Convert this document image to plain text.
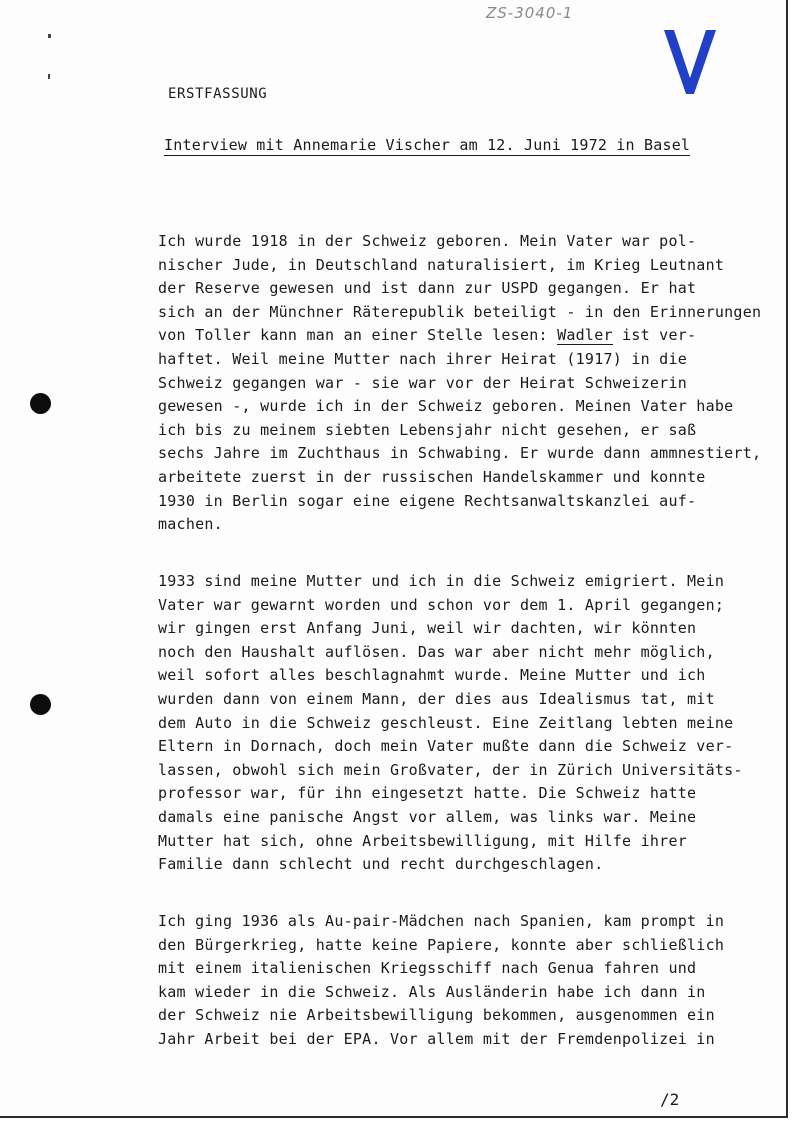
ZS-3040-1
ERSTFASSUNG
Interview mit Annemarie Vischer am 12. Juni 1972 in Basel
Ich wurde 1918 in der Schweiz geboren. Mein Vater war pol-
nischer Jude, in Deutschland naturalisiert, im Krieg Leutnant
der Reserve gewesen und ist dann zur USPD gegangen. Er hat
sich an der Münchner Räterepublik beteiligt - in den Erinnerungen
von Toller kann man an einer Stelle lesen: Wadler ist ver-
haftet. Weil meine Mutter nach ihrer Heirat (1917) in die
Schweiz gegangen war - sie war vor der Heirat Schweizerin
gewesen -, wurde ich in der Schweiz geboren. Meinen Vater habe
ich bis zu meinem siebten Lebensjahr nicht gesehen, er saß
sechs Jahre im Zuchthaus in Schwabing. Er wurde dann ammnestiert,
arbeitete zuerst in der russischen Handelskammer und konnte
1930 in Berlin sogar eine eigene Rechtsanwaltskanzlei auf-
machen.
1933 sind meine Mutter und ich in die Schweiz emigriert. Mein
Vater war gewarnt worden und schon vor dem 1. April gegangen;
wir gingen erst Anfang Juni, weil wir dachten, wir könnten
noch den Haushalt auflösen. Das war aber nicht mehr möglich,
weil sofort alles beschlagnahmt wurde. Meine Mutter und ich
wurden dann von einem Mann, der dies aus Idealismus tat, mit
dem Auto in die Schweiz geschleust. Eine Zeitlang lebten meine
Eltern in Dornach, doch mein Vater mußte dann die Schweiz ver-
lassen, obwohl sich mein Großvater, der in Zürich Universitäts-
professor war, für ihn eingesetzt hatte. Die Schweiz hatte
damals eine panische Angst vor allem, was links war. Meine
Mutter hat sich, ohne Arbeitsbewilligung, mit Hilfe ihrer
Familie dann schlecht und recht durchgeschlagen.
Ich ging 1936 als Au-pair-Mädchen nach Spanien, kam prompt in
den Bürgerkrieg, hatte keine Papiere, konnte aber schließlich
mit einem italienischen Kriegsschiff nach Genua fahren und
kam wieder in die Schweiz. Als Ausländerin habe ich dann in
der Schweiz nie Arbeitsbewilligung bekommen, ausgenommen ein
Jahr Arbeit bei der EPA. Vor allem mit der Fremdenpolizei in
/2
